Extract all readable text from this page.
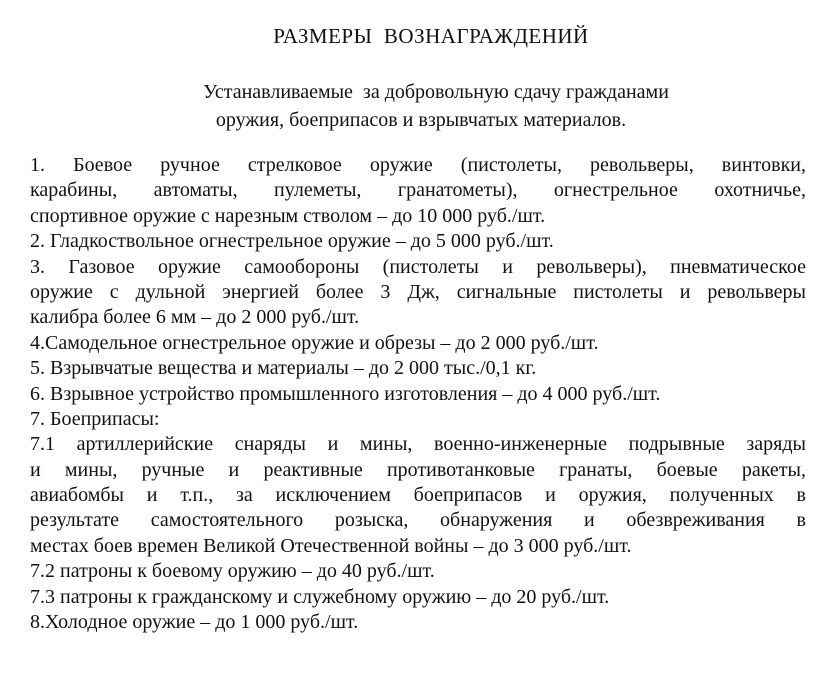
РАЗМЕРЫ  ВОЗНАГРАЖДЕНИЙ
Устанавливаемые  за добровольную сдачу гражданами
оружия, боеприпасов и взрывчатых материалов.
1. Боевое ручное стрелковое оружие (пистолеты, револьверы, винтовки,
карабины, автоматы, пулеметы, гранатометы), огнестрельное охотничье,
спортивное оружие с нарезным стволом – до 10 000 руб./шт.
2. Гладкоствольное огнестрельное оружие – до 5 000 руб./шт.
3. Газовое оружие самообороны (пистолеты и револьверы), пневматическое
оружие с дульной энергией более 3 Дж, сигнальные пистолеты и револьверы
калибра более 6 мм – до 2 000 руб./шт.
4.Самодельное огнестрельное оружие и обрезы – до 2 000 руб./шт.
5. Взрывчатые вещества и материалы – до 2 000 тыс./0,1 кг.
6. Взрывное устройство промышленного изготовления – до 4 000 руб./шт.
7. Боеприпасы:
7.1 артиллерийские снаряды и мины, военно-инженерные подрывные заряды
и мины, ручные и реактивные противотанковые гранаты, боевые ракеты,
авиабомбы и т.п., за исключением боеприпасов и оружия, полученных в
результате самостоятельного розыска, обнаружения и обезвреживания в
местах боев времен Великой Отечественной войны – до 3 000 руб./шт.
7.2 патроны к боевому оружию – до 40 руб./шт.
7.3 патроны к гражданскому и служебному оружию – до 20 руб./шт.
8.Холодное оружие – до 1 000 руб./шт.
